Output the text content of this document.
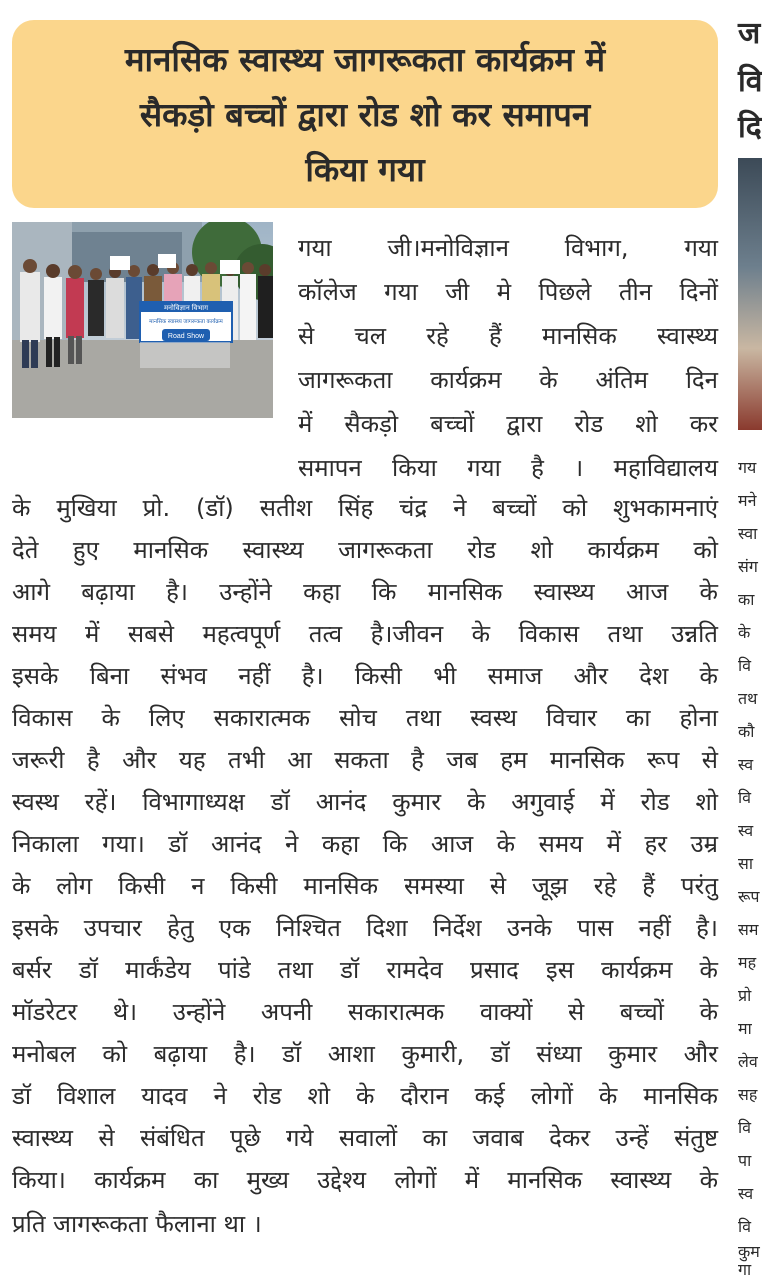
मानसिक स्वास्थ्य जागरूकता कार्यक्रम में
सैकड़ो बच्चों द्वारा रोड शो कर समापन
किया गया
मनोविज्ञान विभाग
मानसिक स्वास्थ्य जागरूकता कार्यक्रम
Road Show
गया जी।मनोविज्ञान विभाग, गया
कॉलेज गया जी मे पिछले तीन दिनों
से चल रहे हैं मानसिक स्वास्थ्य
जागरूकता कार्यक्रम के अंतिम दिन
में सैकड़ो बच्चों द्वारा रोड शो कर
समापन किया गया है । महाविद्यालय
के मुखिया प्रो. (डॉ) सतीश सिंह चंद्र ने बच्चों को शुभकामनाएं
देते हुए मानसिक स्वास्थ्य जागरूकता रोड शो कार्यक्रम को
आगे बढ़ाया है। उन्होंने कहा कि मानसिक स्वास्थ्य आज के
समय में सबसे महत्वपूर्ण तत्व है।जीवन के विकास तथा उन्नति
इसके बिना संभव नहीं है। किसी भी समाज और देश के
विकास के लिए सकारात्मक सोच तथा स्वस्थ विचार का होना
जरूरी है और यह तभी आ सकता है जब हम मानसिक रूप से
स्वस्थ रहें। विभागाध्यक्ष डॉ आनंद कुमार के अगुवाई में रोड शो
निकाला गया। डॉ आनंद ने कहा कि आज के समय में हर उम्र
के लोग किसी न किसी मानसिक समस्या से जूझ रहे हैं परंतु
इसके उपचार हेतु एक निश्चित दिशा निर्देश उनके पास नहीं है।
बर्सर डॉ मार्कंडेय पांडे तथा डॉ रामदेव प्रसाद इस कार्यक्रम के
मॉडरेटर थे। उन्होंने अपनी सकारात्मक वाक्यों से बच्चों के
मनोबल को बढ़ाया है। डॉ आशा कुमारी, डॉ संध्या कुमार और
डॉ विशाल यादव ने रोड शो के दौरान कई लोगों के मानसिक
स्वास्थ्य से संबंधित पूछे गये सवालों का जवाब देकर उन्हें संतुष्ट
किया। कार्यक्रम का मुख्य उद्देश्य लोगों में मानसिक स्वास्थ्य के
प्रति जागरूकता फैलाना था ।
ज
वि
दि
गय
मने
स्वा
संग
का
के
वि
तथ
कौ
स्व
वि
स्व
सा
रूप
सम
मह
प्रो
मा
लेव
सह
वि
पा
स्व
वि
कुम
गा
